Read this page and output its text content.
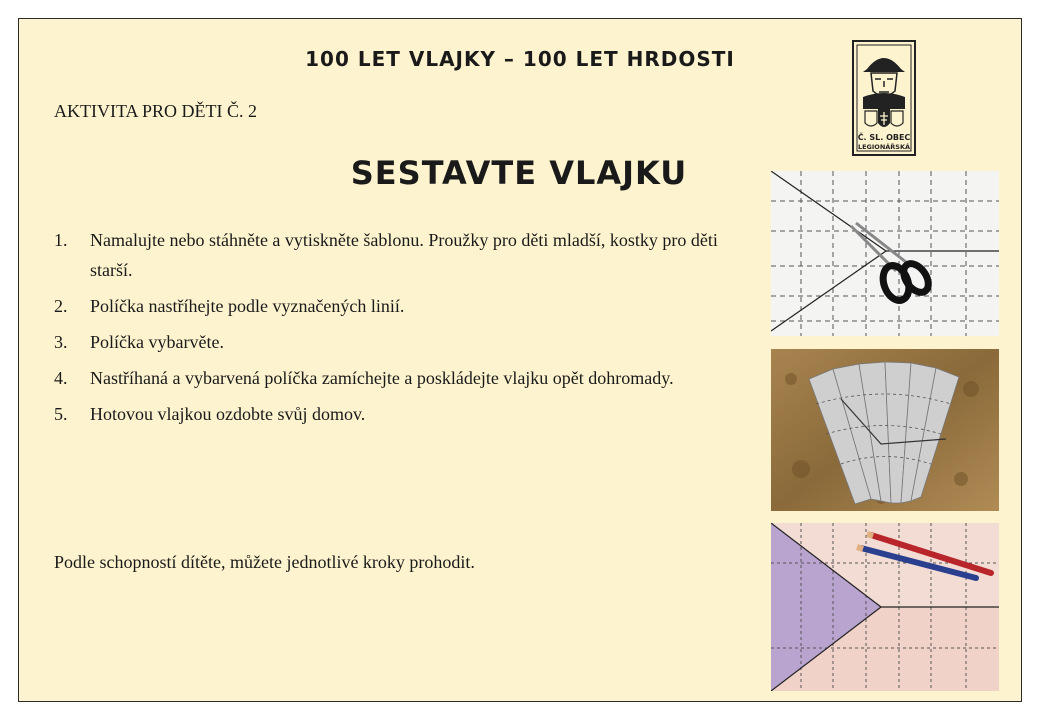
100 LET VLAJKY – 100 LET HRDOSTI
AKTIVITA PRO DĚTI Č. 2
Č. SL. OBEC
LEGIONÁŘSKÁ
SESTAVTE VLAJKU
1.	Namalujte nebo stáhněte a vytiskněte šablonu. Proužky pro děti mladší, kostky pro děti starší.
2.	Políčka nastříhejte podle vyznačených linií.
3.	Políčka vybarvěte.
4.	Nastříhaná a vybarvená políčka zamíchejte a poskládejte vlajku opět dohromady.
5.	Hotovou vlajkou ozdobte svůj domov.
Podle schopností dítěte, můžete jednotlivé kroky prohodit.
